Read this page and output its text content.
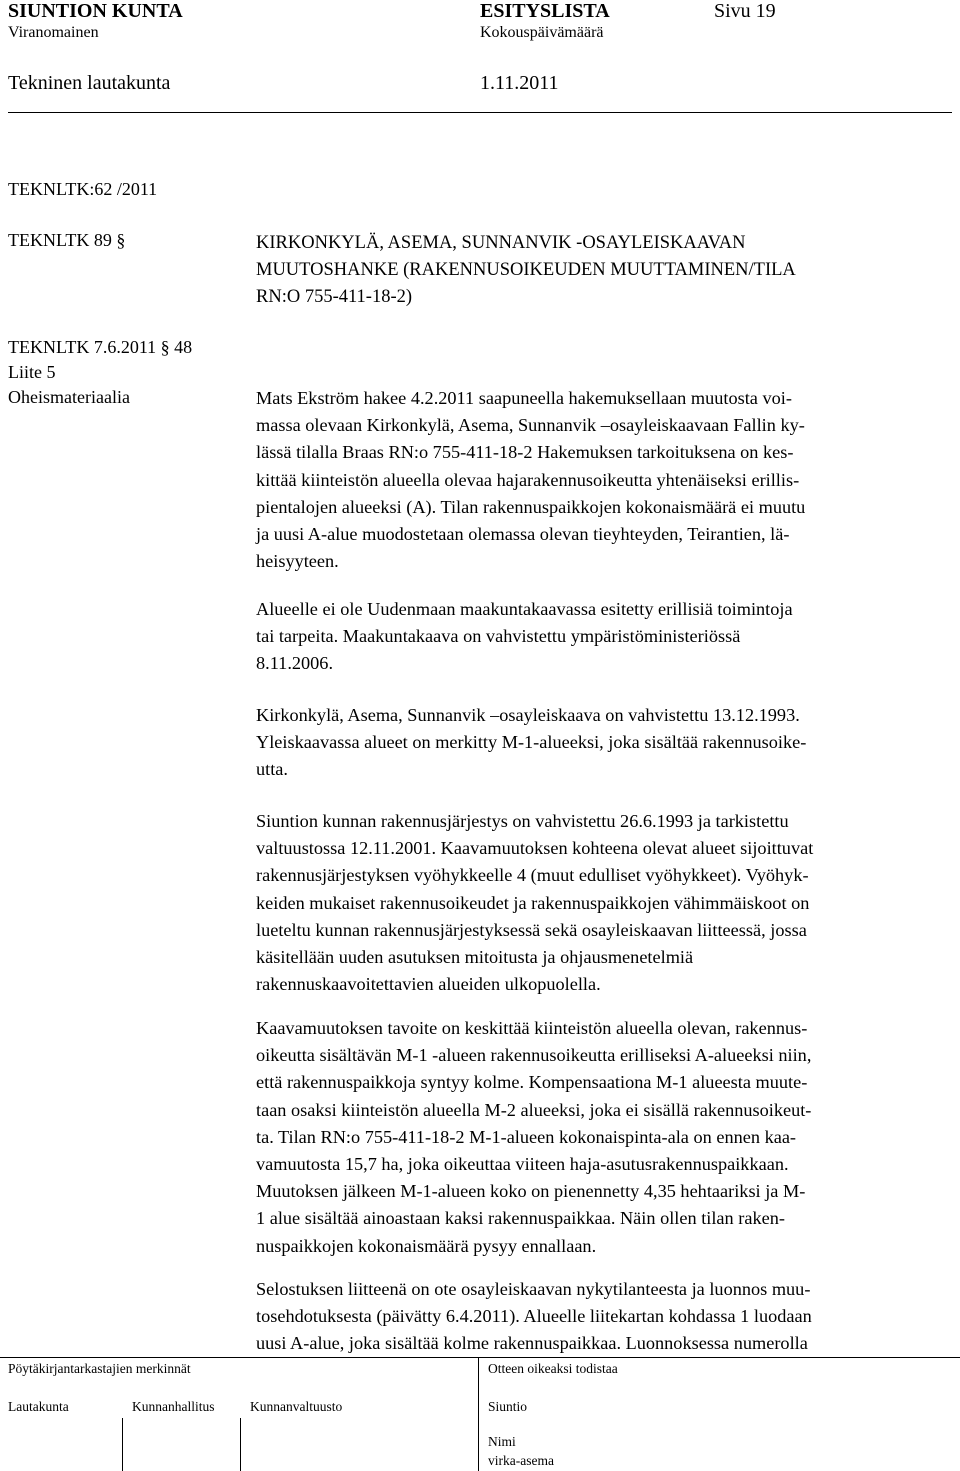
SIUNTION KUNTA	ESITYSLISTA	Sivu 19
Viranomainen	Kokouspäivämäärä
Tekninen lautakunta	1.11.2011
TEKNLTK:62 /2011
TEKNLTK 89 §
TEKNLTK 7.6.2011 § 48
Liite 5
Oheismateriaalia
KIRKONKYLÄ, ASEMA, SUNNANVIK -OSAYLEISKAAVAN
MUUTOSHANKE (RAKENNUSOIKEUDEN MUUTTAMINEN/TILA
RN:O 755-411-18-2)
Mats Ekström hakee 4.2.2011 saapuneella hakemuksellaan muutosta voi-
massa olevaan Kirkonkylä, Asema, Sunnanvik –osayleiskaavaan Fallin ky-
lässä tilalla Braas RN:o 755-411-18-2 Hakemuksen tarkoituksena on kes-
kittää kiinteistön alueella olevaa hajarakennusoikeutta yhtenäiseksi erillis-
pientalojen alueeksi (A). Tilan rakennuspaikkojen kokonaismäärä ei muutu
ja uusi A-alue muodostetaan olemassa olevan tieyhteyden, Teirantien, lä-
heisyyteen.
Alueelle ei ole Uudenmaan maakuntakaavassa esitetty erillisiä toimintoja
tai tarpeita. Maakuntakaava on vahvistettu ympäristöministeriössä
8.11.2006.
Kirkonkylä, Asema, Sunnanvik –osayleiskaava on vahvistettu 13.12.1993.
Yleiskaavassa alueet on merkitty M-1-alueeksi, joka sisältää rakennusoike-
utta.
Siuntion kunnan rakennusjärjestys on vahvistettu 26.6.1993 ja tarkistettu
valtuustossa 12.11.2001. Kaavamuutoksen kohteena olevat alueet sijoittuvat
rakennusjärjestyksen vyöhykkeelle 4 (muut edulliset vyöhykkeet). Vyöhyk-
keiden mukaiset rakennusoikeudet ja rakennuspaikkojen vähimmäiskoot on
lueteltu kunnan rakennusjärjestyksessä sekä osayleiskaavan liitteessä, jossa
käsitellään uuden asutuksen mitoitusta ja ohjausmenetelmiä
rakennuskaavoitettavien alueiden ulkopuolella.
Kaavamuutoksen tavoite on keskittää kiinteistön alueella olevan, rakennus-
oikeutta sisältävän M-1 -alueen rakennusoikeutta erilliseksi A-alueeksi niin,
että rakennuspaikkoja syntyy kolme. Kompensaationa M-1 alueesta muute-
taan osaksi kiinteistön alueella M-2 alueeksi, joka ei sisällä rakennusoikeut-
ta. Tilan RN:o 755-411-18-2 M-1-alueen kokonaispinta-ala on ennen kaa-
vamuutosta 15,7 ha, joka oikeuttaa viiteen haja-asutusrakennuspaikkaan.
Muutoksen jälkeen M-1-alueen koko on pienennetty 4,35 hehtaariksi ja M-
1 alue sisältää ainoastaan kaksi rakennuspaikkaa. Näin ollen tilan raken-
nuspaikkojen kokonaismäärä pysyy ennallaan.
Selostuksen liitteenä on ote osayleiskaavan nykytilanteesta ja luonnos muu-
tosehdotuksesta (päivätty 6.4.2011). Alueelle liitekartan kohdassa 1 luodaan
uusi A-alue, joka sisältää kolme rakennuspaikkaa. Luonnoksessa numerolla
Pöytäkirjantarkastajien merkinnät
Lautakunta	Kunnanhallitus	Kunnanvaltuusto
Otteen oikeaksi todistaa
Siuntio
Nimi
virka-asema
